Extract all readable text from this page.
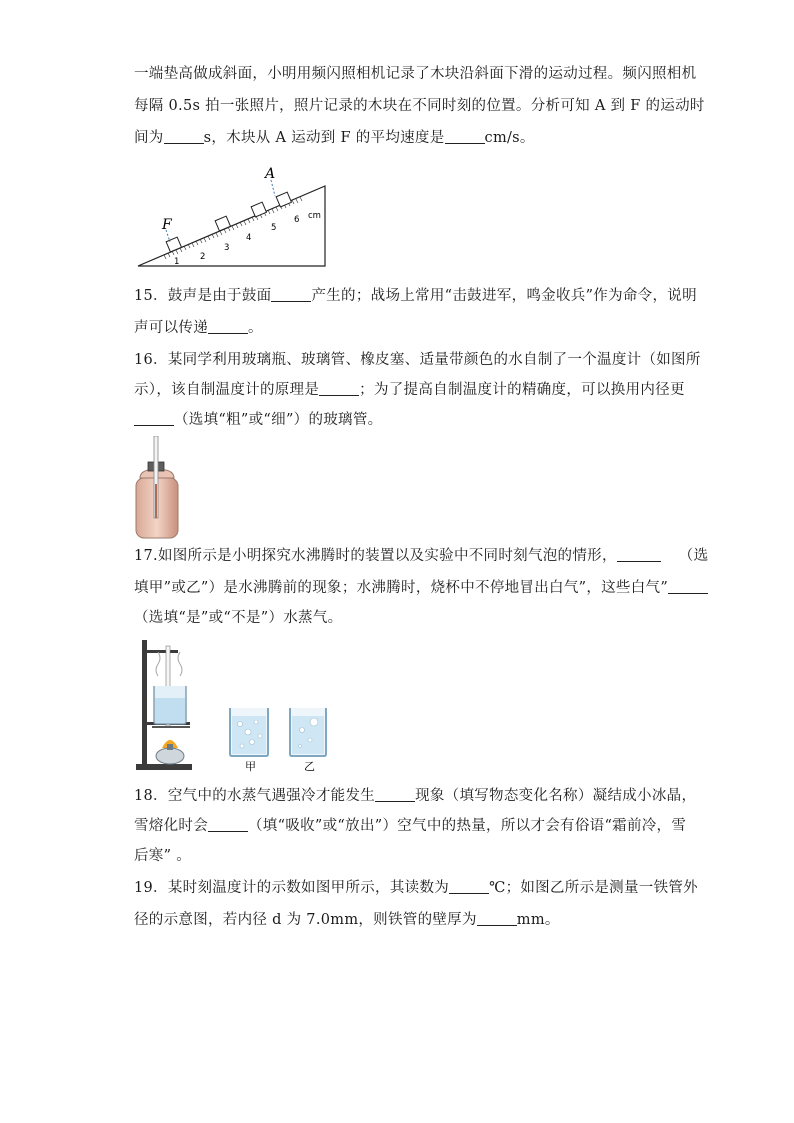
一端垫高做成斜面，小明用频闪照相机记录了木块沿斜面下滑的运动过程。频闪照相机
每隔 0.5s 拍一张照片，照片记录的木块在不同时刻的位置。分析可知 A 到 F 的运动时
间为	s，木块从 A 运动到 F 的平均速度是	cm/s。
F
A
1 2
3
4
5
6 cm
15．鼓声是由于鼓面	产生的；战场上常用“击鼓进军，鸣金收兵”作为命令，说明
声可以传递	。
16．某同学利用玻璃瓶、玻璃管、橡皮塞、适量带颜色的水自制了一个温度计（如图所
示），该自制温度计的原理是	；为了提高自制温度计的精确度，可以换用内径更
（选填“粗”或“细”）的玻璃管。
17.如图所示是小明探究水沸腾时的装置以及实验中不同时刻气泡的情形，	（选
填甲”或乙”）是水沸腾前的现象；水沸腾时，烧杯中不停地冒出白气”，这些白气”
（选填“是”或“不是”）水蒸气。
甲	乙
18．空气中的水蒸气遇强冷才能发生	现象（填写物态变化名称）凝结成小冰晶，
雪熔化时会	（填“吸收”或“放出”）空气中的热量，所以才会有俗语“霜前冷，雪
后寒” 。
19．某时刻温度计的示数如图甲所示，其读数为	℃；如图乙所示是测量一铁管外
径的示意图，若内径 d 为 7.0mm，则铁管的壁厚为	mm。
